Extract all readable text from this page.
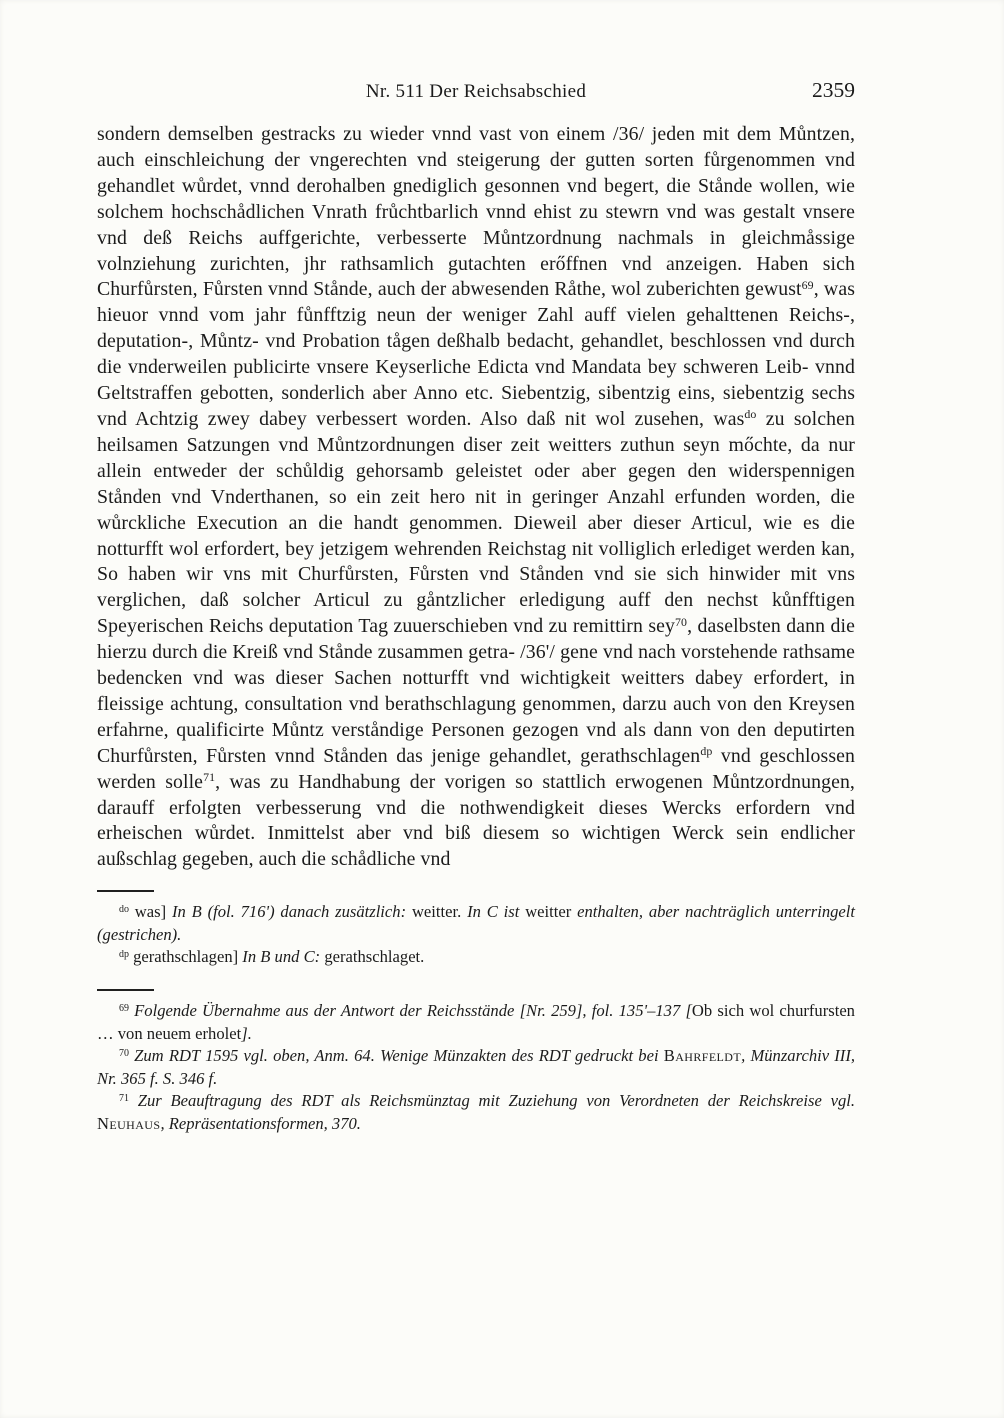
Nr. 511 Der Reichsabschied	2359

sondern demselben gestracks zu wieder vnnd vast von einem /36/ jeden mit dem Můntzen, auch einschleichung der vngerechten vnd steigerung der gutten sorten fůrgenommen vnd gehandlet wůrdet, vnnd derohalben gnediglich gesonnen vnd begert, die Stånde wollen, wie solchem hochschådlichen Vnrath frůchtbarlich vnnd ehist zu stewrn vnd was gestalt vnsere vnd deß Reichs auffgerichte, verbesserte Můntzordnung nachmals in gleichmåssige volnziehung zurichten, jhr rathsamlich gutachten erőffnen vnd anzeigen. Haben sich Churfůrsten, Fůrsten vnnd Stånde, auch der abwesenden Råthe, wol zuberichten gewust$^{69}$, was hieuor vnnd vom jahr fůnfftzig neun der weniger Zahl auff vielen gehalttenen Reichs-, deputation-, Můntz- vnd Probation tågen deßhalb bedacht, gehandlet, beschlossen vnd durch die vnderweilen publicirte vnsere Keyserliche Edicta vnd Mandata bey schweren Leib- vnnd Geltstraffen gebotten, sonderlich aber Anno etc. Siebentzig, sibentzig eins, siebentzig sechs vnd Achtzig zwey dabey verbessert worden. Also daß nit wol zusehen, was$^{do}$ zu solchen heilsamen Satzungen vnd Můntzordnungen diser zeit weitters zuthun seyn mőchte, da nur allein entweder der schůldig gehorsamb geleistet oder aber gegen den widerspennigen Stånden vnd Vnderthanen, so ein zeit hero nit in geringer Anzahl erfunden worden, die wůrckliche Execution an die handt genommen. Dieweil aber dieser Articul, wie es die notturfft wol erfordert, bey jetzigem wehrenden Reichstag nit volliglich erlediget werden kan, So haben wir vns mit Churfůrsten, Fůrsten vnd Stånden vnd sie sich hinwider mit vns verglichen, daß solcher Articul zu gåntzlicher erledigung auff den nechst kůnfftigen Speyerischen Reichs deputation Tag zuuerschieben vnd zu remittirn sey$^{70}$, daselbsten dann die hierzu durch die Kreiß vnd Stånde zusammen getra- /36'/ gene vnd nach vorstehende rathsame bedencken vnd was dieser Sachen notturfft vnd wichtigkeit weitters dabey erfordert, in fleissige achtung, consultation vnd berathschlagung genommen, darzu auch von den Kreysen erfahrne, qualificirte Můntz verståndige Personen gezogen vnd als dann von den deputirten Churfůrsten, Fůrsten vnnd Stånden das jenige gehandlet, gerathschlagen$^{dp}$ vnd geschlossen werden solle$^{71}$, was zu Handhabung der vorigen so stattlich erwogenen Můntzordnungen, darauff erfolgten verbesserung vnd die nothwendigkeit dieses Wercks erfordern vnd erheischen wůrdet. Inmittelst aber vnd biß diesem so wichtigen Werck sein endlicher außschlag gegeben, auch die schådliche vnd

$^{do}$ was] In B (fol. 716') danach zusätzlich: weitter. In C ist weitter enthalten, aber nachträglich unterringelt (gestrichen).

$^{dp}$ gerathschlagen] In B und C: gerathschlaget.

$^{69}$ Folgende Übernahme aus der Antwort der Reichsstände [Nr. 259], fol. 135'–137 [Ob sich wol churfursten … von neuem erholet].

$^{70}$ Zum RDT 1595 vgl. oben, Anm. 64. Wenige Münzakten des RDT gedruckt bei Bahrfeldt, Münzarchiv III, Nr. 365 f. S. 346 f.

$^{71}$ Zur Beauftragung des RDT als Reichsmünztag mit Zuziehung von Verordneten der Reichskreise vgl. Neuhaus, Repräsentationsformen, 370.
